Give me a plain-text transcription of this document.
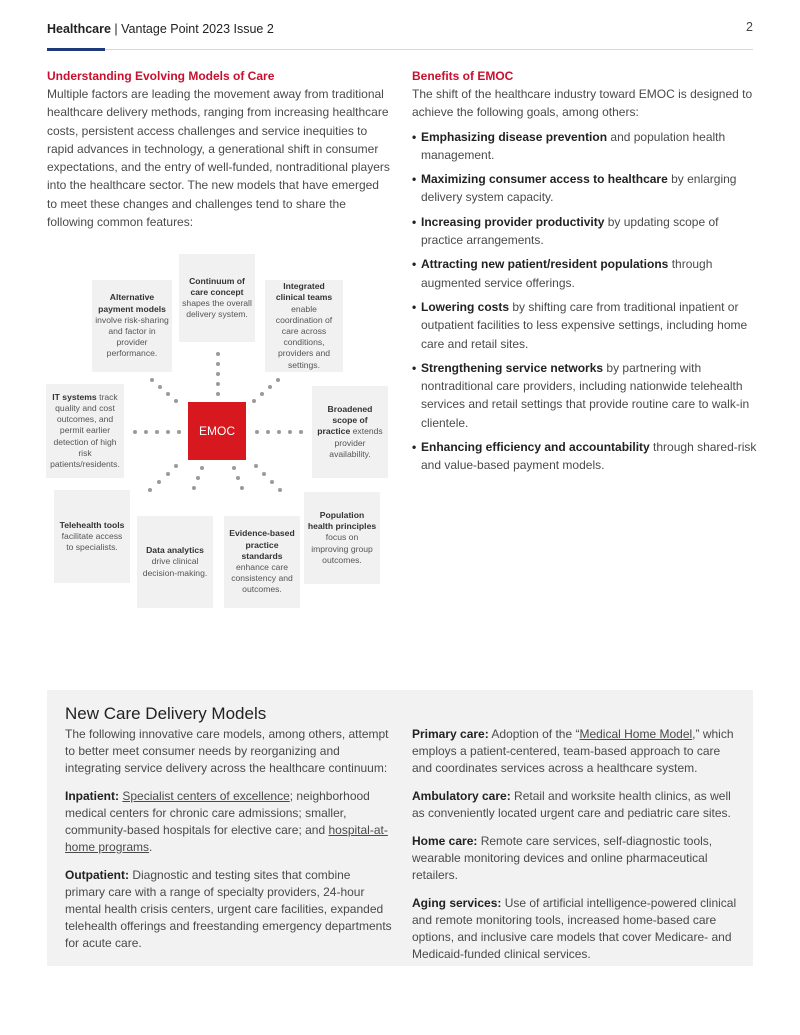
Healthcare | Vantage Point 2023 Issue 2	2
Understanding Evolving Models of Care
Multiple factors are leading the movement away from traditional healthcare delivery methods, ranging from increasing healthcare costs, persistent access challenges and service inequities to rapid advances in technology, a generational shift in consumer expectations, and the entry of well-funded, nontraditional players into the healthcare sector. The new models that have emerged to meet these changes and challenges tend to share the following common features:
Continuum of care concept shapes the overall delivery system.
Alternative payment models involve risk-sharing and factor in provider performance.
Integrated clinical teams enable coordination of care across conditions, providers and settings.
IT systems track quality and cost outcomes, and permit earlier detection of high risk patients/residents.
Broadened scope of practice extends provider availability.
Telehealth tools facilitate access to specialists.	Data analytics drive clinical decision-making.
Evidence-based practice standards enhance care consistency and outcomes.
Population health principles focus on improving group outcomes.
EMOC
Benefits of EMOC
The shift of the healthcare industry toward EMOC is designed to achieve the following goals, among others:
• Emphasizing disease prevention and population health management.
• Maximizing consumer access to healthcare by enlarging delivery system capacity.
• Increasing provider productivity by updating scope of practice arrangements.
• Attracting new patient/resident populations through augmented service offerings.
• Lowering costs by shifting care from traditional inpatient or outpatient facilities to less expensive settings, including home care and retail sites.
• Strengthening service networks by partnering with nontraditional care providers, including nationwide telehealth services and retail settings that provide routine care to walk-in clientele.
• Enhancing efficiency and accountability through shared-risk and value-based payment models.
New Care Delivery Models

The following innovative care models, among others, attempt to better meet consumer needs by reorganizing and integrating service delivery across the healthcare continuum:

Inpatient: Specialist centers of excellence; neighborhood medical centers for chronic care admissions; smaller, community-based hospitals for elective care; and hospital-at-home programs.

Outpatient: Diagnostic and testing sites that combine primary care with a range of specialty providers, 24-hour mental health crisis centers, urgent care facilities, expanded telehealth offerings and freestanding emergency departments for acute care.

Primary care: Adoption of the “Medical Home Model,” which employs a patient-centered, team-based approach to care and coordinates services across a healthcare system.

Ambulatory care: Retail and worksite health clinics, as well as conveniently located urgent care and pediatric care sites.

Home care: Remote care services, self-diagnostic tools, wearable monitoring devices and online pharmaceutical retailers.

Aging services: Use of artificial intelligence-powered clinical and remote monitoring tools, increased home-based care options, and inclusive care models that cover Medicare- and Medicaid-funded clinical services.
